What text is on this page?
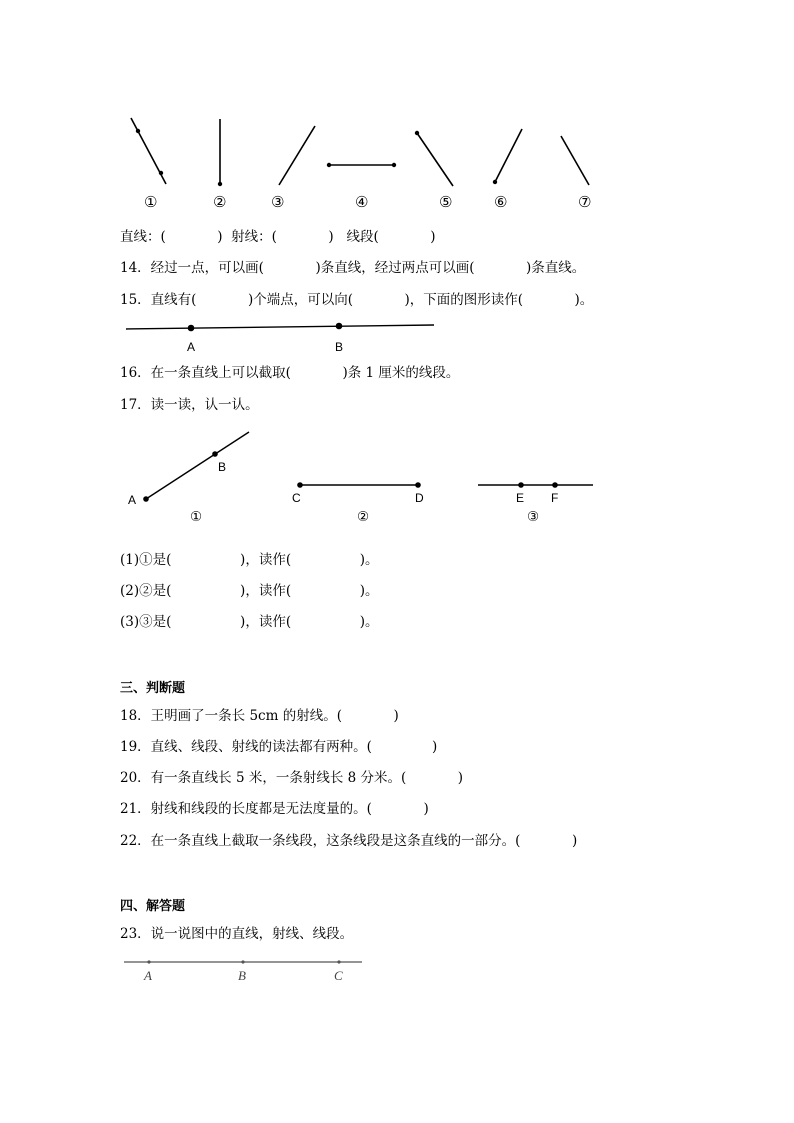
①	②	③	④	⑤	⑥	⑦
直线：(            )  射线：(            )   线段(            )
14．经过一点，可以画(            )条直线，经过两点可以画(            )条直线。
15．直线有(            )个端点，可以向(            )，下面的图形读作(            )。
A	B
16．在一条直线上可以截取(            )条 1 厘米的线段。
17．读一读，认一认。
A
B
C	D	E F
①	②	③
(1)①是(                )，读作(                )。
(2)②是(                )，读作(                )。
(3)③是(                )，读作(                )。
三、判断题
18．王明画了一条长 5cm 的射线。(            )
19．直线、线段、射线的读法都有两种。(              )
20．有一条直线长 5 米，一条射线长 8 分米。(            )
21．射线和线段的长度都是无法度量的。(            )
22．在一条直线上截取一条线段，这条线段是这条直线的一部分。(            )
四、解答题
23．说一说图中的直线，射线、线段。
A	B	C
